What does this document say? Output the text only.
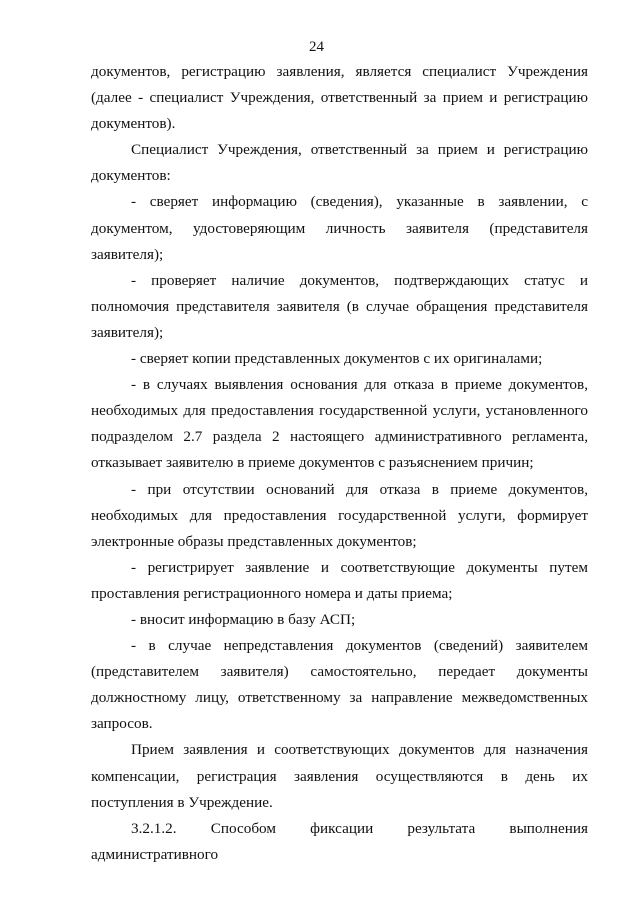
24

документов, регистрацию заявления, является специалист Учреждения (далее - специалист Учреждения, ответственный за прием и регистрацию документов).

Специалист Учреждения, ответственный за прием и регистрацию документов:

- сверяет информацию (сведения), указанные в заявлении, с документом, удостоверяющим личность заявителя (представителя заявителя);

- проверяет наличие документов, подтверждающих статус и полномочия представителя заявителя (в случае обращения представителя заявителя);

- сверяет копии представленных документов с их оригиналами;

- в случаях выявления основания для отказа в приеме документов, необходимых для предоставления государственной услуги, установленного подразделом 2.7 раздела 2 настоящего административного регламента, отказывает заявителю в приеме документов с разъяснением причин;

- при отсутствии оснований для отказа в приеме документов, необходимых для предоставления государственной услуги, формирует электронные образы представленных документов;

- регистрирует заявление и соответствующие документы путем проставления регистрационного номера и даты приема;

- вносит информацию в базу АСП;

- в случае непредставления документов (сведений) заявителем (представителем заявителя) самостоятельно, передает документы должностному лицу, ответственному за направление межведомственных запросов.

Прием заявления и соответствующих документов для назначения компенсации, регистрация заявления осуществляются в день их поступления в Учреждение.

3.2.1.2. Способом фиксации результата выполнения административного
